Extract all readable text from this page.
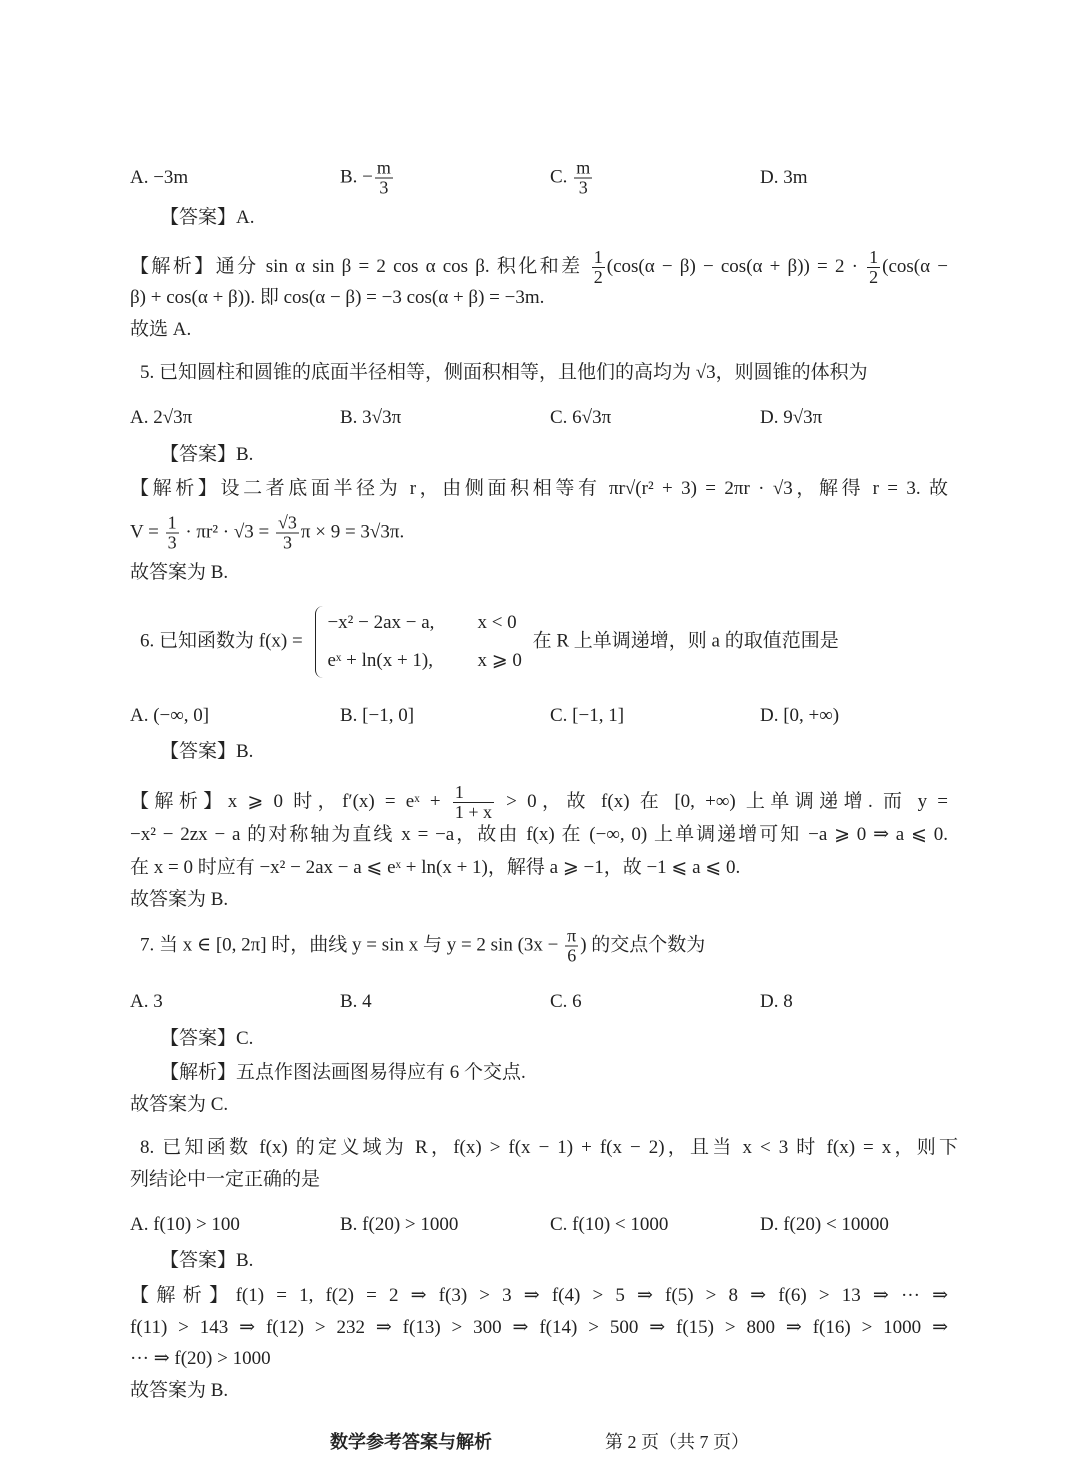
A. −3m	B. − $\frac{m}{3}$	C. $\frac{m}{3}$	D. 3m
【答案】A.
【解析】通分 sin α sin β = 2 cos α cos β. 积化和差 $\frac{1}{2} (\cos(\alpha - \beta) - \cos(\alpha + \beta)) = 2 \cdot \frac{1}{2} (\cos(\alpha$ −
β) + cos(α + β)). 即 cos(α − β) = −3 cos(α + β) = −3m.
故选 A.
5. 已知圆柱和圆锥的底面半径相等，侧面积相等，且他们的高均为 √3，则圆锥的体积为
A. 2√3π	B. 3√3π	C. 6√3π	D. 9√3π
【答案】B.
【解析】设二者底面半径为 r，由侧面积相等有 πr√(r² + 3) = 2πr · √3，解得 r = 3. 故
$V = \frac{1}{3} \cdot \pi r^2 \cdot √3 = \frac{√3}{3}$ π × 9 = 3√3π.
故答案为 B.
6. 已知函数为 f(x) =
−x² − 2ax − a, x < 0
eˣ + ln(x + 1), x ⩾ 0
在 R 上单调递增，则 a 的取值范围是
A. (−∞, 0]	B. [−1, 0]	C. [−1, 1]	D. [0, +∞)
【答案】B.
【解析】x ⩾ 0 时，f′(x) = eˣ + $\frac{1}{1 + x} > 0$，故 f(x) 在 [0, +∞) 上单调递增. 而 y =
−x² − 2zx − a 的对称轴为直线 x = −a，故由 f(x) 在 (−∞, 0) 上单调递增可知 −a ⩾ 0 ⇒ a ⩽ 0.
在 x = 0 时应有 −x² − 2ax − a ⩽ eˣ + ln(x + 1)，解得 a ⩾ −1，故 −1 ⩽ a ⩽ 0.
故答案为 B.
7. 当 x ∈ [0, 2π] 时，曲线 y = sin x 与 y = 2 $\sin (3x - \frac{\pi}{6}$ ) 的交点个数为
A. 3	B. 4	C. 6	D. 8
【答案】C.
【解析】五点作图法画图易得应有 6 个交点.
故答案为 C.
8. 已知函数 f(x) 的定义域为 R，f(x) > f(x − 1) + f(x − 2)，且当 x < 3 时 f(x) = x，则下
列结论中一定正确的是
A. f(10) > 100	B. f(20) > 1000	C. f(10) < 1000	D. f(20) < 10000
【答案】B.
【解析】f(1) = 1, f(2) = 2 ⇒ f(3) > 3 ⇒ f(4) > 5 ⇒ f(5) > 8 ⇒ f(6) > 13 ⇒ ··· ⇒
f(11) > 143 ⇒ f(12) > 232 ⇒ f(13) > 300 ⇒ f(14) > 500 ⇒ f(15) > 800 ⇒ f(16) > 1000 ⇒
··· ⇒ f(20) > 1000
故答案为 B.
数学参考答案与解析	第 2 页（共 7 页）
